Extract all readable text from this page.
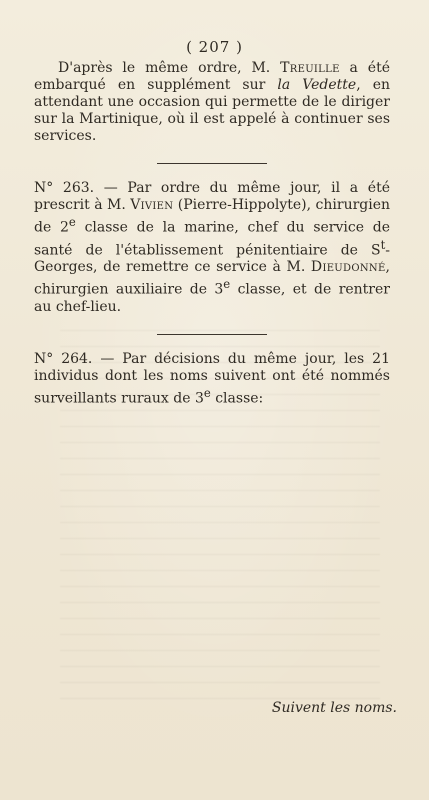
( 207 )

D'après le même ordre, M. Treuille a été embarqué en supplément sur la Vedette, en attendant une occasion qui permette de le diriger sur la Martinique, où il est appelé à continuer ses services.

N° 263. — Par ordre du même jour, il a été prescrit à M. Vivien (Pierre-Hippolyte), chirurgien de 2e classe de la marine, chef du service de santé de l'établissement pénitentiaire de $S^t$-Georges, de remettre ce service à M. Dieudonné, chirurgien auxiliaire de 3e classe, et de rentrer au chef-lieu.

N° 264. — Par décisions du même jour, les 21 individus dont les noms suivent ont été nommés surveillants ruraux de 3e classe:

Suivent les noms.
